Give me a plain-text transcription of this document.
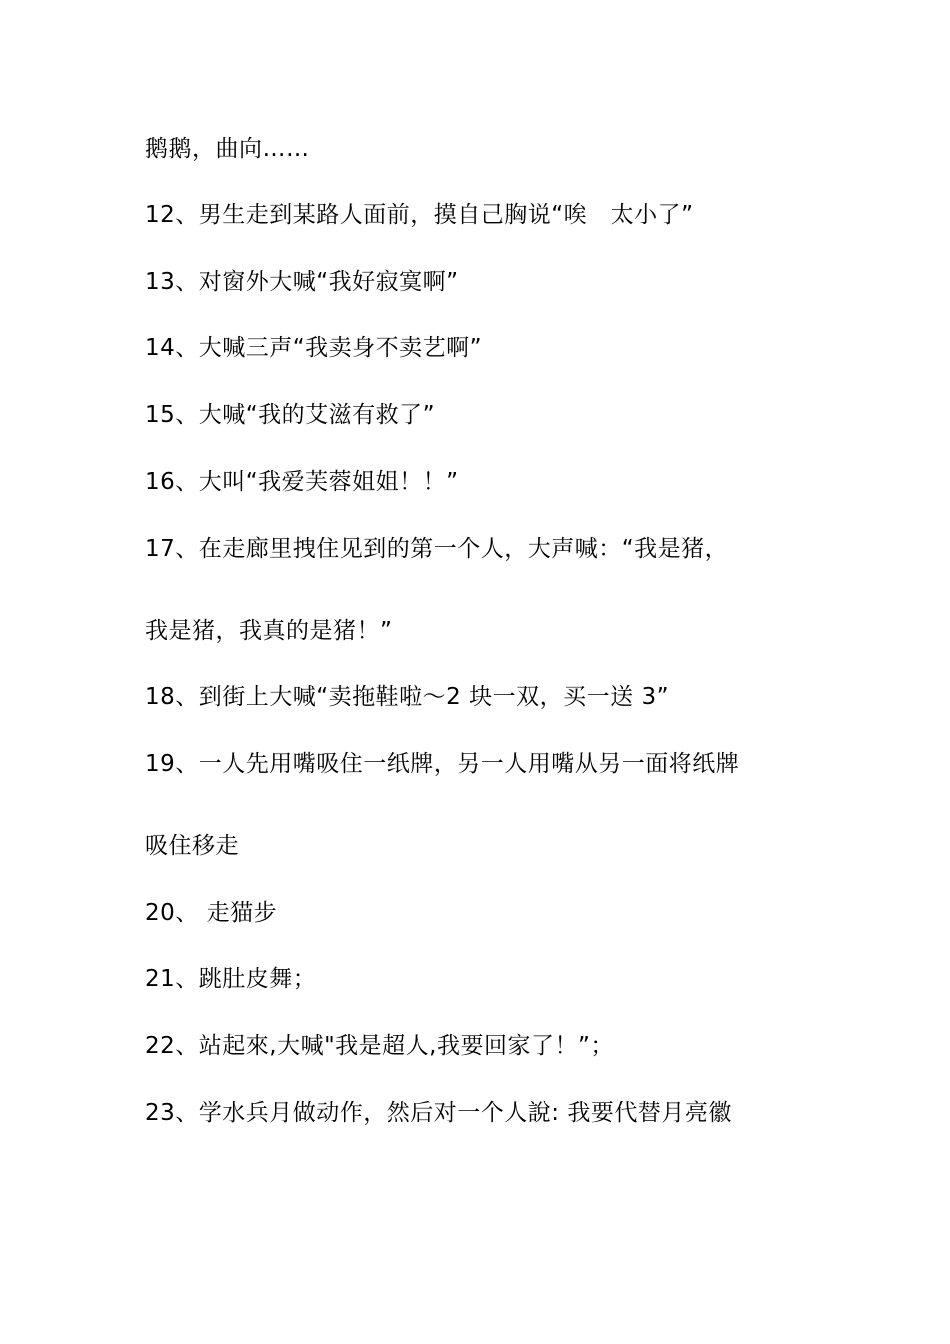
鹅鹅，曲向……
12、男生走到某路人面前，摸自己胸说“唉　太小了”
13、对窗外大喊“我好寂寞啊”
14、大喊三声“我卖身不卖艺啊”
15、大喊“我的艾滋有救了”
16、大叫“我爱芙蓉姐姐！！”
17、在走廊里拽住见到的第一个人，大声喊：“我是猪，
我是猪，我真的是猪！”
18、到街上大喊“卖拖鞋啦～2 块一双，买一送 3”
19、一人先用嘴吸住一纸牌，另一人用嘴从另一面将纸牌
吸住移走
20、 走猫步
21、跳肚皮舞；
22、站起來,大喊"我是超人,我要回家了！”；
23、学水兵月做动作，然后对一个人說: 我要代替月亮徽
